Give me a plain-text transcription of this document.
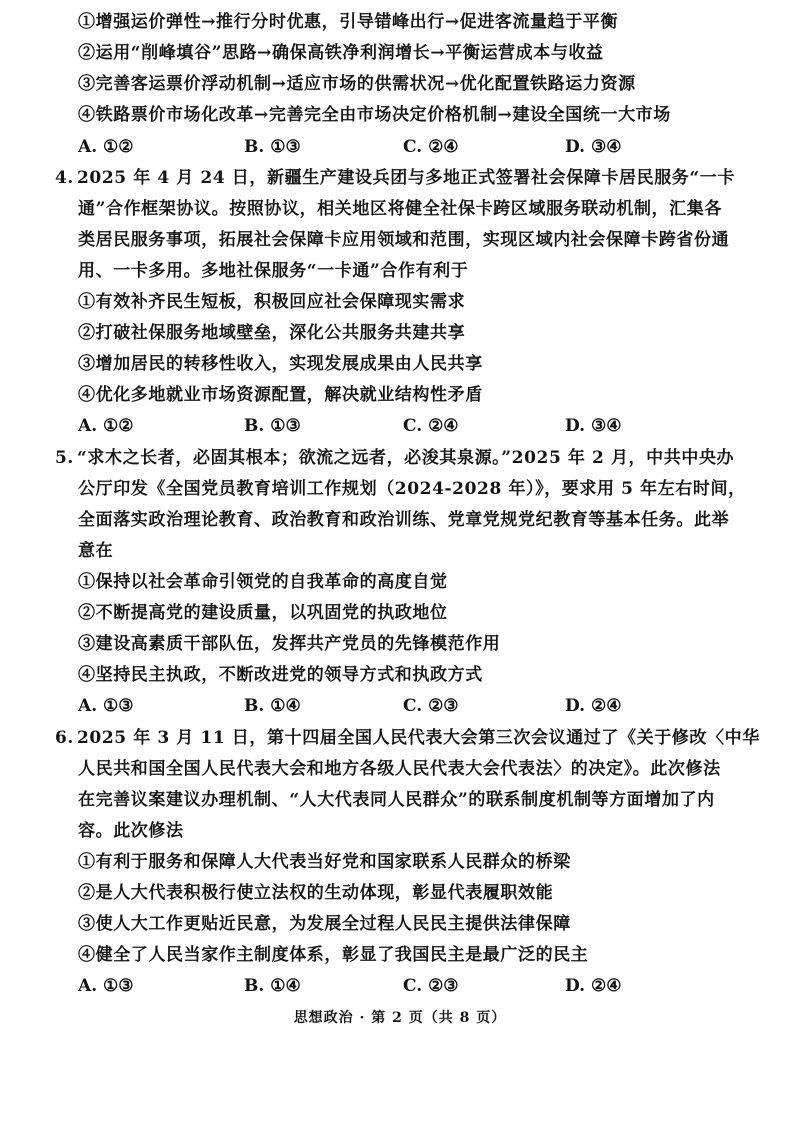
①增强运价弹性→推行分时优惠，引导错峰出行→促进客流量趋于平衡
②运用“削峰填谷”思路→确保高铁净利润增长→平衡运营成本与收益
③完善客运票价浮动机制→适应市场的供需状况→优化配置铁路运力资源
④铁路票价市场化改革→完善完全由市场决定价格机制→建设全国统一大市场
A. ①②	B. ①③	C. ②④	D. ③④
4. 2025 年 4 月 24 日，新疆生产建设兵团与多地正式签署社会保障卡居民服务“一卡
通”合作框架协议。按照协议，相关地区将健全社保卡跨区域服务联动机制，汇集各
类居民服务事项，拓展社会保障卡应用领域和范围，实现区域内社会保障卡跨省份通
用、一卡多用。多地社保服务“一卡通”合作有利于
①有效补齐民生短板，积极回应社会保障现实需求
②打破社保服务地域壁垒，深化公共服务共建共享
③增加居民的转移性收入，实现发展成果由人民共享
④优化多地就业市场资源配置，解决就业结构性矛盾
A. ①②	B. ①③	C. ②④	D. ③④
5. “求木之长者，必固其根本；欲流之远者，必浚其泉源。”2025 年 2 月，中共中央办
公厅印发《全国党员教育培训工作规划（2024-2028 年）》，要求用 5 年左右时间，
全面落实政治理论教育、政治教育和政治训练、党章党规党纪教育等基本任务。此举
意在
①保持以社会革命引领党的自我革命的高度自觉
②不断提高党的建设质量，以巩固党的执政地位
③建设高素质干部队伍，发挥共产党员的先锋模范作用
④坚持民主执政，不断改进党的领导方式和执政方式
A. ①③	B. ①④	C. ②③	D. ②④
6. 2025 年 3 月 11 日，第十四届全国人民代表大会第三次会议通过了《关于修改〈中华
人民共和国全国人民代表大会和地方各级人民代表大会代表法〉的决定》。此次修法
在完善议案建议办理机制、“人大代表同人民群众”的联系制度机制等方面增加了内
容。此次修法
①有利于服务和保障人大代表当好党和国家联系人民群众的桥梁
②是人大代表积极行使立法权的生动体现，彰显代表履职效能
③使人大工作更贴近民意，为发展全过程人民民主提供法律保障
④健全了人民当家作主制度体系，彰显了我国民主是最广泛的民主
A. ①③	B. ①④	C. ②③	D. ②④
思想政治 · 第 2 页（共 8 页）
